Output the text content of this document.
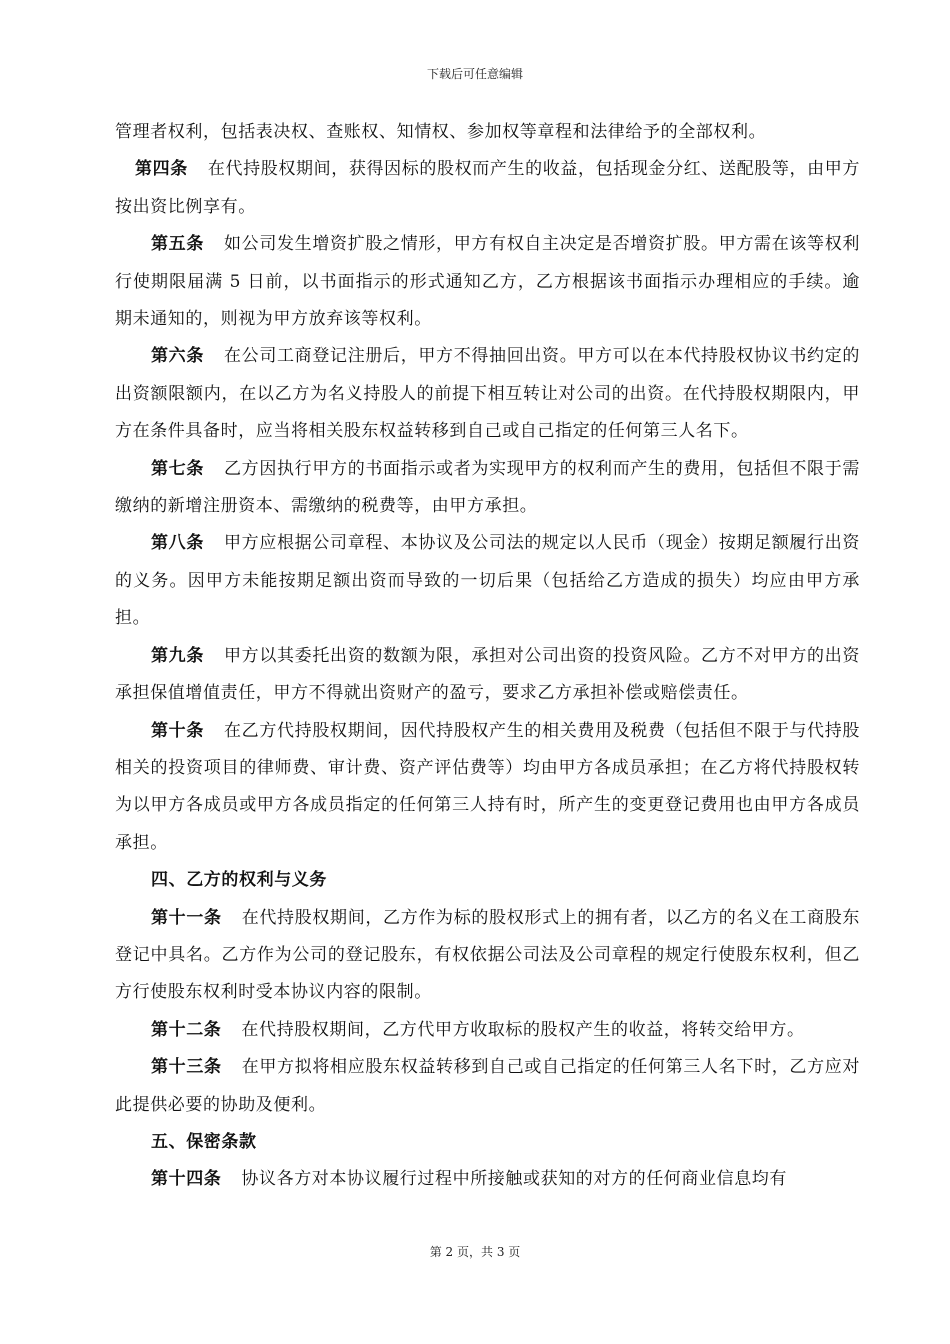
下载后可任意编辑

管理者权利，包括表决权、查账权、知情权、参加权等章程和法律给予的全部权利。

第四条 在代持股权期间，获得因标的股权而产生的收益，包括现金分红、送配股等，由甲方按出资比例享有。

第五条 如公司发生增资扩股之情形，甲方有权自主决定是否增资扩股。甲方需在该等权利行使期限届满 5 日前，以书面指示的形式通知乙方，乙方根据该书面指示办理相应的手续。逾期未通知的，则视为甲方放弃该等权利。

第六条 在公司工商登记注册后，甲方不得抽回出资。甲方可以在本代持股权协议书约定的出资额限额内，在以乙方为名义持股人的前提下相互转让对公司的出资。在代持股权期限内，甲方在条件具备时，应当将相关股东权益转移到自己或自己指定的任何第三人名下。

第七条 乙方因执行甲方的书面指示或者为实现甲方的权利而产生的费用，包括但不限于需缴纳的新增注册资本、需缴纳的税费等，由甲方承担。

第八条 甲方应根据公司章程、本协议及公司法的规定以人民币（现金）按期足额履行出资的义务。因甲方未能按期足额出资而导致的一切后果（包括给乙方造成的损失）均应由甲方承担。

第九条 甲方以其委托出资的数额为限，承担对公司出资的投资风险。乙方不对甲方的出资承担保值增值责任，甲方不得就出资财产的盈亏，要求乙方承担补偿或赔偿责任。

第十条 在乙方代持股权期间，因代持股权产生的相关费用及税费（包括但不限于与代持股相关的投资项目的律师费、审计费、资产评估费等）均由甲方各成员承担；在乙方将代持股权转为以甲方各成员或甲方各成员指定的任何第三人持有时，所产生的变更登记费用也由甲方各成员承担。

四、乙方的权利与义务

第十一条 在代持股权期间，乙方作为标的股权形式上的拥有者，以乙方的名义在工商股东登记中具名。乙方作为公司的登记股东，有权依据公司法及公司章程的规定行使股东权利，但乙方行使股东权利时受本协议内容的限制。

第十二条 在代持股权期间，乙方代甲方收取标的股权产生的收益，将转交给甲方。

第十三条 在甲方拟将相应股东权益转移到自己或自己指定的任何第三人名下时，乙方应对此提供必要的协助及便利。

五、保密条款

第十四条 协议各方对本协议履行过程中所接触或获知的对方的任何商业信息均有

第 2 页，共 3 页
